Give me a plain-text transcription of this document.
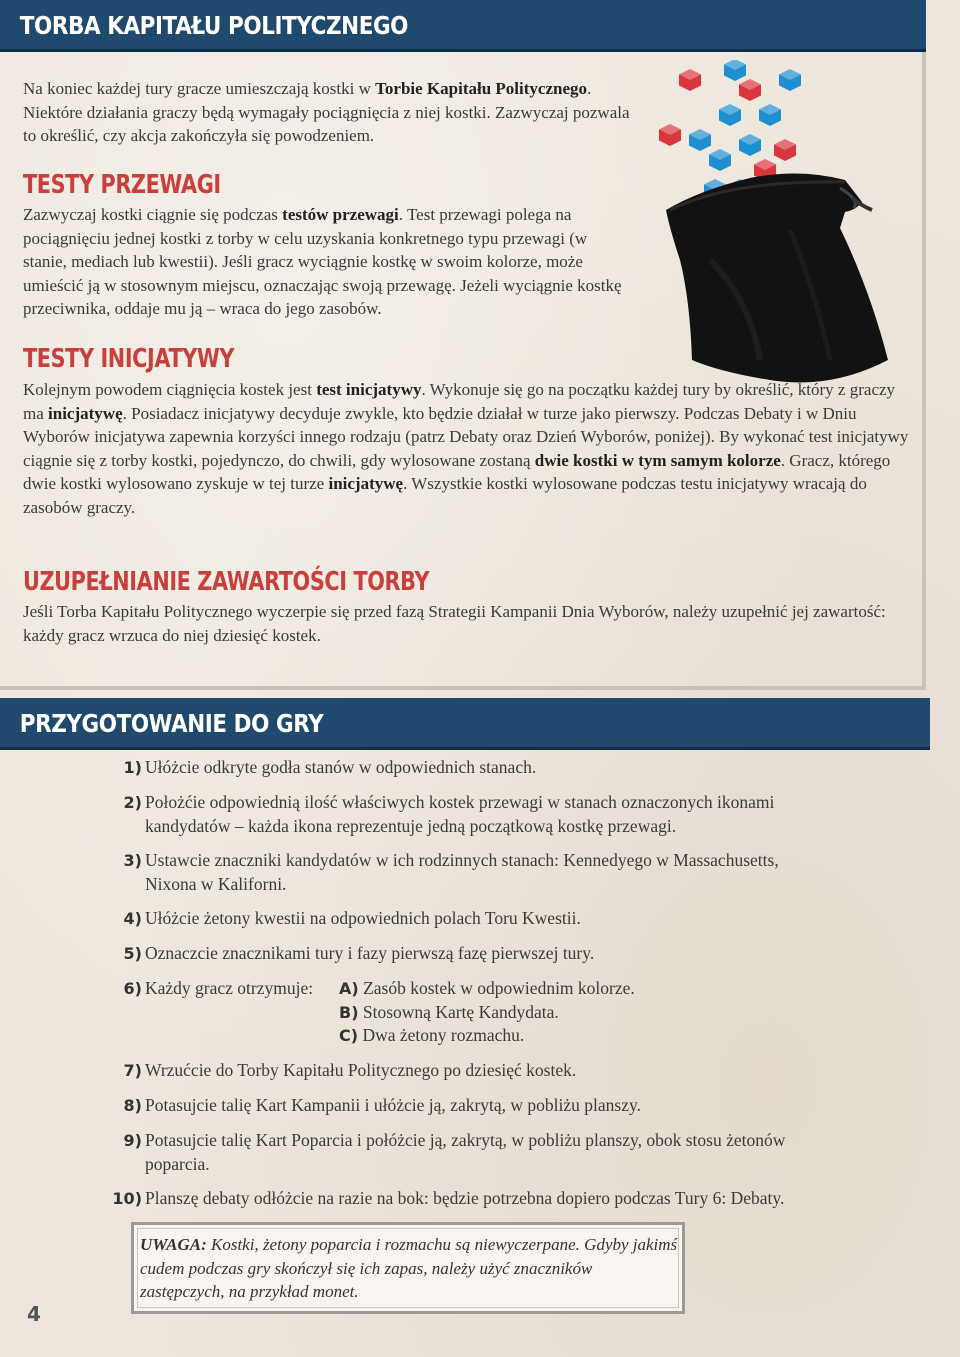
TORBA KAPITAŁU POLITYCZNEGO

Na koniec każdej tury gracze umieszczają kostki w Torbie Kapitału Politycznego. Niektóre działania graczy będą wymagały pociągnięcia z niej kostki. Zazwyczaj pozwala to określić, czy akcja zakończyła się powodzeniem.

TESTY PRZEWAGI

Zazwyczaj kostki ciągnie się podczas testów przewagi. Test przewagi polega na pociągnięciu jednej kostki z torby w celu uzyskania konkretnego typu przewagi (w stanie, mediach lub kwestii). Jeśli gracz wyciągnie kostkę w swoim kolorze, może umieścić ją w stosownym miejscu, oznaczając swoją przewagę. Jeżeli wyciągnie kostkę przeciwnika, oddaje mu ją – wraca do jego zasobów.

TESTY INICJATYWY

Kolejnym powodem ciągnięcia kostek jest test inicjatywy. Wykonuje się go na początku każdej tury by określić, który z graczy ma inicjatywę. Posiadacz inicjatywy decyduje zwykle, kto będzie działał w turze jako pierwszy. Podczas Debaty i w Dniu Wyborów inicjatywa zapewnia korzyści innego rodzaju (patrz Debaty oraz Dzień Wyborów, poniżej). By wykonać test inicjatywy ciągnie się z torby kostki, pojedynczo, do chwili, gdy wylosowane zostaną dwie kostki w tym samym kolorze. Gracz, którego dwie kostki wylosowano zyskuje w tej turze inicjatywę. Wszystkie kostki wylosowane podczas testu inicjatywy wracają do zasobów graczy.

UZUPEŁNIANIE ZAWARTOŚCI TORBY

Jeśli Torba Kapitału Politycznego wyczerpie się przed fazą Strategii Kampanii Dnia Wyborów, należy uzupełnić jej zawartość: każdy gracz wrzuca do niej dziesięć kostek.

PRZYGOTOWANIE DO GRY
1) Ułóżcie odkryte godła stanów w odpowiednich stanach.
2) Położćie odpowiednią ilość właściwych kostek przewagi w stanach oznaczonych ikonami
kandydatów – każda ikona reprezentuje jedną początkową kostkę przewagi.
3) Ustawcie znaczniki kandydatów w ich rodzinnych stanach: Kennedyego w Massachusetts,
Nixona w Kaliforni.
4) Ułóżcie żetony kwestii na odpowiednich polach Toru Kwestii.
5) Oznaczcie znacznikami tury i fazy pierwszą fazę pierwszej tury.
6) Każdy gracz otrzymuje: A) Zasób kostek w odpowiednim kolorze.
B) Stosowną Kartę Kandydata.
C) Dwa żetony rozmachu.
7) Wrzućcie do Torby Kapitału Politycznego po dziesięć kostek.
8) Potasujcie talię Kart Kampanii i ułóżcie ją, zakrytą, w pobliżu planszy.
9) Potasujcie talię Kart Poparcia i połóżcie ją, zakrytą, w pobliżu planszy, obok stosu żetonów
poparcia.
10) Planszę debaty odłóżcie na razie na bok: będzie potrzebna dopiero podczas Tury 6: Debaty.

UWAGA: Kostki, żetony poparcia i rozmachu są niewyczerpane. Gdyby jakimś cudem podczas gry skończył się ich zapas, należy użyć znaczników zastępczych, na przykład monet.

4
